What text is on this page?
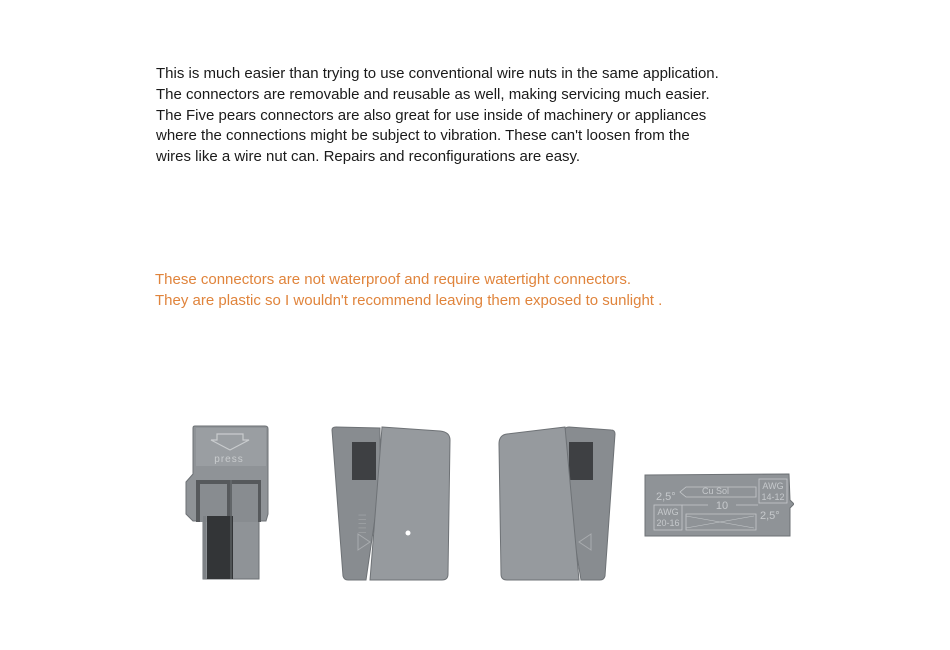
This is much easier than trying to use conventional wire nuts in the same application.
The connectors are removable and reusable as well, making servicing much easier.
The Five pears connectors are also great for use inside of machinery or appliances
where the connections might be subject to vibration. These can't loosen from the
wires like a wire nut can. Repairs and reconfigurations are easy.
These connectors are not waterproof and require watertight connectors.
They are plastic so I wouldn't recommend leaving them exposed to sunlight .
press
| | | | |
2,5°	Cu Sol
10
AWG
14-12
2,5°
AWG
20-16
